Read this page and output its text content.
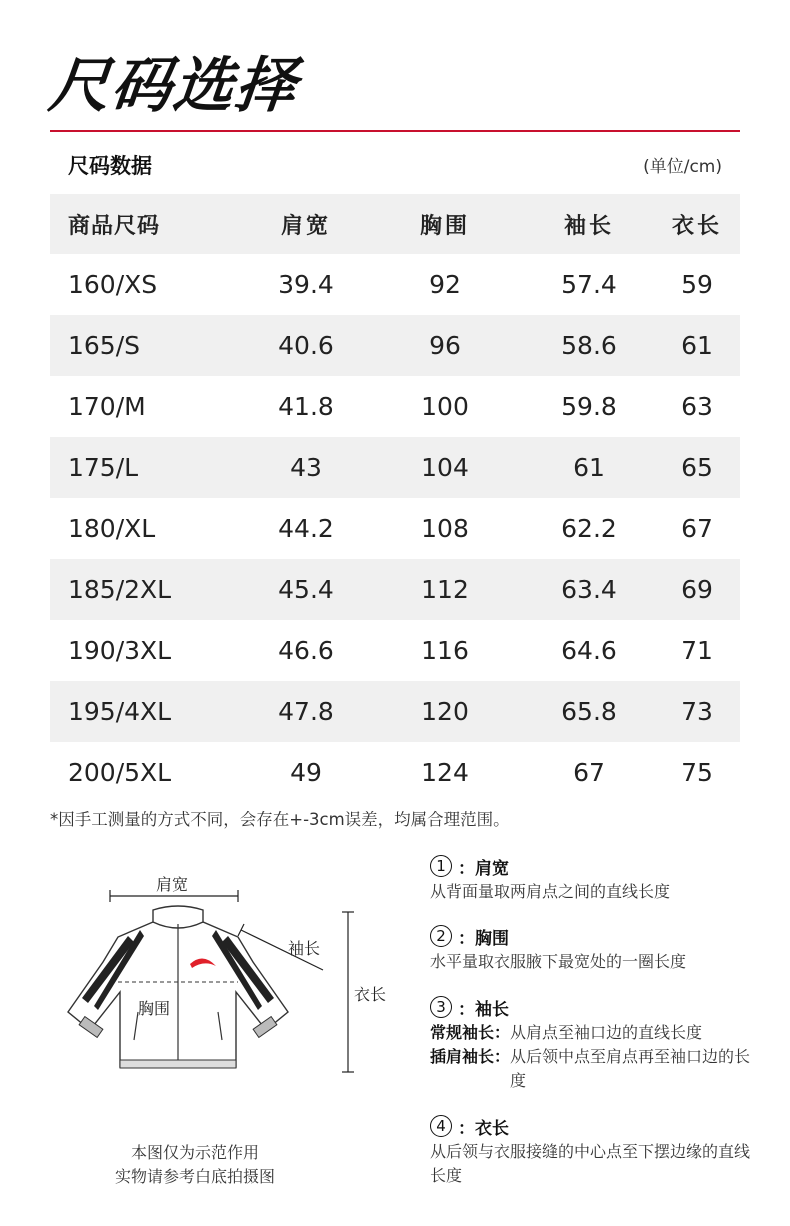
尺码选择
尺码数据	(单位/cm)
商品尺码	肩宽	胸围	袖长	衣长
160/XS	39.4	92	57.4	59
165/S	40.6	96	58.6	61
170/M	41.8	100	59.8	63
175/L	43	104	61	65
180/XL	44.2	108	62.2	67
185/2XL	45.4	112	63.4	69
190/3XL	46.6	116	64.6	71
195/4XL	47.8	120	65.8	73
200/5XL	49	124	67	75
*因手工测量的方式不同，会存在+-3cm误差，均属合理范围。
肩宽
袖长
衣长
胸围
本图仅为示范作用
实物请参考白底拍摄图
1 ：肩宽
从背面量取两肩点之间的直线长度
2 ：胸围
水平量取衣服腋下最宽处的一圈长度
3 ：袖长
常规袖长： 从肩点至袖口边的直线长度
插肩袖长： 从后领中点至肩点再至袖口边的长度
4 ：衣长
从后领与衣服接缝的中心点至下摆边缘的直线长度
